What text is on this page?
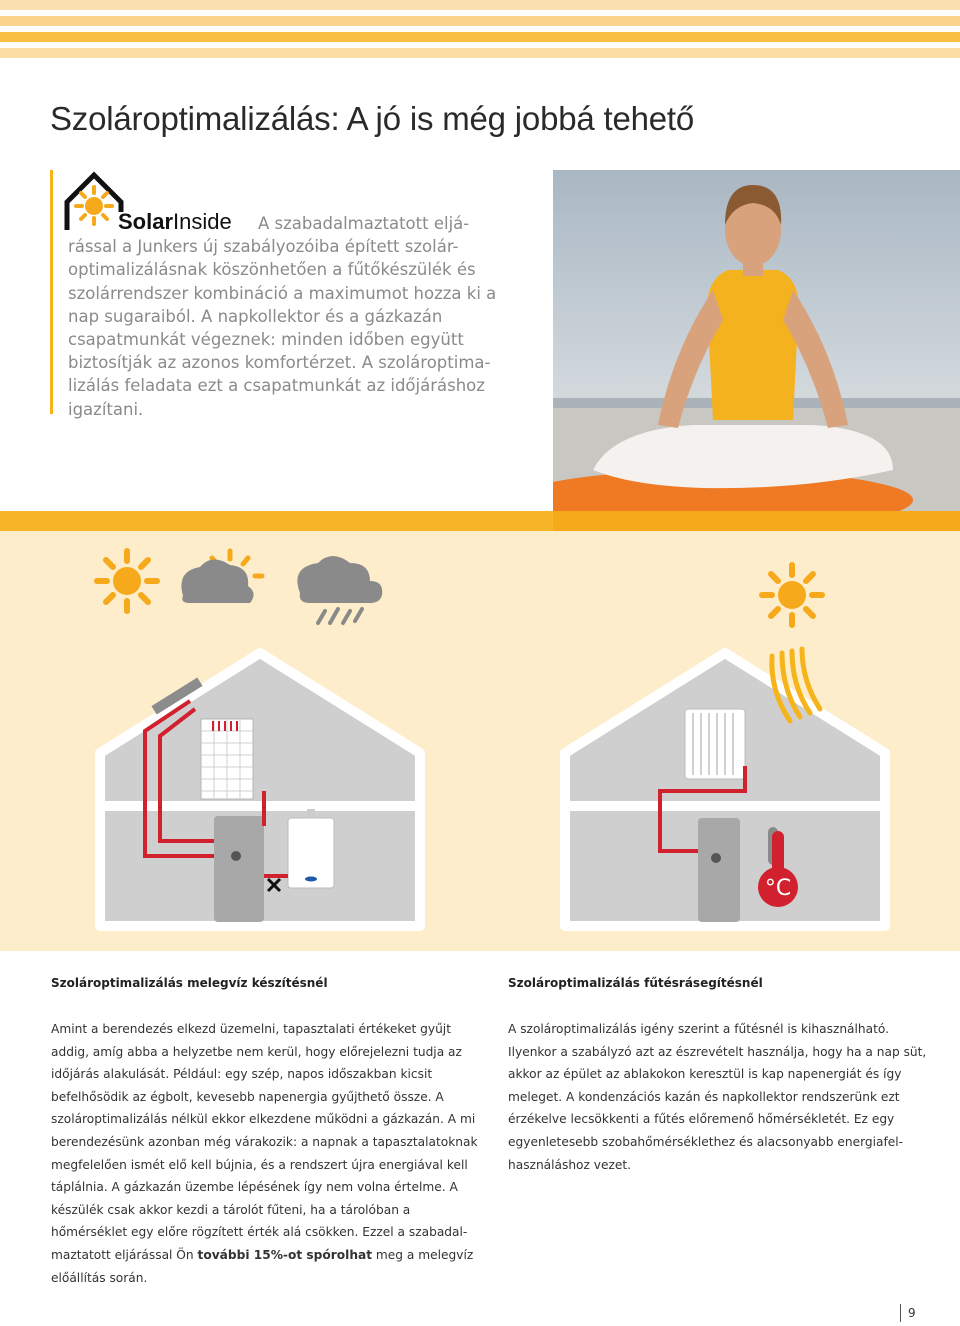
Szolároptimalizálás: A jó is még jobbá tehető
SolarInside	A szabadalmaztatott eljá-
rással a Junkers új szabályozóiba épített szolár-optimalizálásnak köszönhetően a fűtőkészülék és szolárrendszer kombináció a maximumot hozza ki a nap sugaraiból. A napkollektor és a gázkazán csapatmunkát végeznek: minden időben együtt biztosítják az azonos komfortérzet. A szolároptima-lizálás feladata ezt a csapatmunkát az időjáráshoz igazítani.
°C
Szolároptimalizálás melegvíz készítésnél	Szolároptimalizálás fűtésrásegítésnél
Amint a berendezés elkezd üzemelni, tapasztalati értékeket gyűjt addig, amíg abba a helyzetbe nem kerül, hogy előrejelezni tudja az időjárás alakulását. Például: egy szép, napos időszakban kicsit befelhősödik az égbolt, kevesebb napenergia gyűjthető össze. A szolároptimalizálás nélkül ekkor elkezdene működni a gázkazán. A mi berendezésünk azonban még várakozik: a napnak a tapasztalatoknak megfelelően ismét elő kell bújnia, és a rendszert újra energiával kell táplálnia. A gázkazán üzembe lépésének így nem volna értelme. A készülék csak akkor kezdi a tárolót fűteni, ha a tárolóban a hőmérséklet egy előre rögzített érték alá csökken. Ezzel a szabadal-maztatott eljárással Ön további 15%-ot spórolhat meg a melegvíz előállítás során.
A szolároptimalizálás igény szerint a fűtésnél is kihasználható. Ilyenkor a szabályzó azt az észrevételt használja, hogy ha a nap süt, akkor az épület az ablakokon keresztül is kap napenergiát és így meleget. A kondenzációs kazán és napkollektor rendszerünk ezt érzékelve lecsökkenti a fűtés előremenő hőmérsékletét. Ez egy egyenletesebb szobahőmérséklethez és alacsonyabb energiafel-használáshoz vezet.
9
